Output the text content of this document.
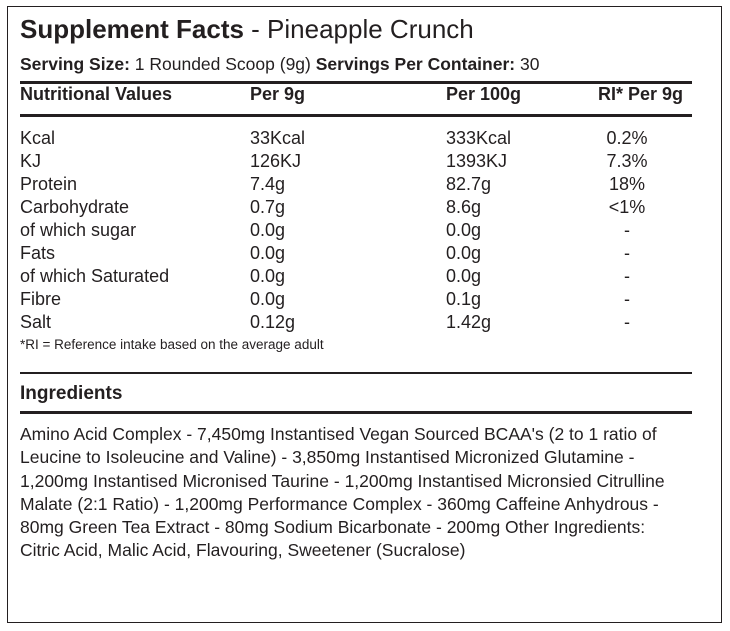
Supplement Facts - Pineapple Crunch
Serving Size: 1 Rounded Scoop (9g) Servings Per Container: 30
Nutritional Values	Per 9g	Per 100g	RI* Per 9g
Kcal	33Kcal	333Kcal	0.2%
KJ	126KJ	1393KJ	7.3%
Protein	7.4g	82.7g	18%
Carbohydrate	0.7g	8.6g	<1%
of which sugar	0.0g	0.0g	-
Fats	0.0g	0.0g	-
of which Saturated	0.0g	0.0g	-
Fibre	0.0g	0.1g	-
Salt	0.12g	1.42g	-
*RI = Reference intake based on the average adult
Ingredients
Amino Acid Complex - 7,450mg Instantised Vegan Sourced BCAA's (2 to 1 ratio of Leucine to Isoleucine and Valine) - 3,850mg Instantised Micronized Glutamine - 1,200mg Instantised Micronised Taurine - 1,200mg Instantised Micronsied Citrulline Malate (2:1 Ratio) - 1,200mg Performance Complex - 360mg Caffeine Anhydrous - 80mg Green Tea Extract - 80mg Sodium Bicarbonate - 200mg Other Ingredients: Citric Acid, Malic Acid, Flavouring, Sweetener (Sucralose)
